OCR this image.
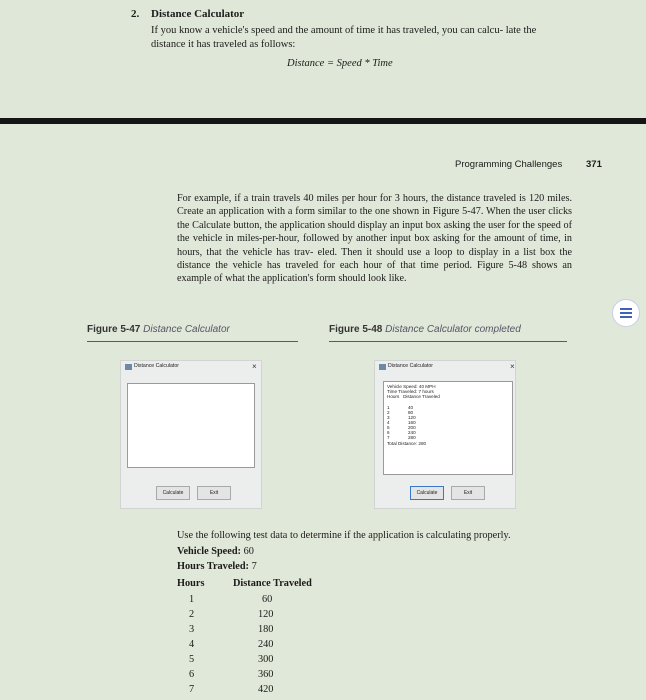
2. Distance Calculator
If you know a vehicle's speed and the amount of time it has traveled, you can calcu- late the distance it has traveled as follows:
Distance = Speed * Time
Programming Challenges	371

For example, if a train travels 40 miles per hour for 3 hours, the distance traveled is 120 miles. Create an application with a form similar to the one shown in Figure 5-47. When the user clicks the Calculate button, the application should display an input box asking the user for the speed of the vehicle in miles-per-hour, followed by another input box asking for the amount of time, in hours, that the vehicle has trav- eled. Then it should use a loop to display in a list box the distance the vehicle has traveled for each hour of that time period. Figure 5-48 shows an example of what the application's form should look like.

Figure 5-47 Distance Calculator	Figure 5-48 Distance Calculator completed
Distance Calculator	×
Calculate	Exit
Distance Calculator	×
Vehicle Speed: 40 MPH
Time Traveled: 7 hours
Hours   Distance Traveled
1	40
2	80
3	120
4	160
5	200
6	240
7	280
Total Distance: 280
Calculate	Exit
Use the following test data to determine if the application is calculating properly.
Vehicle Speed: 60
Hours Traveled: 7
Hours	Distance Traveled
1	60
2	120
3	180
4	240
5	300
6	360
7	420
